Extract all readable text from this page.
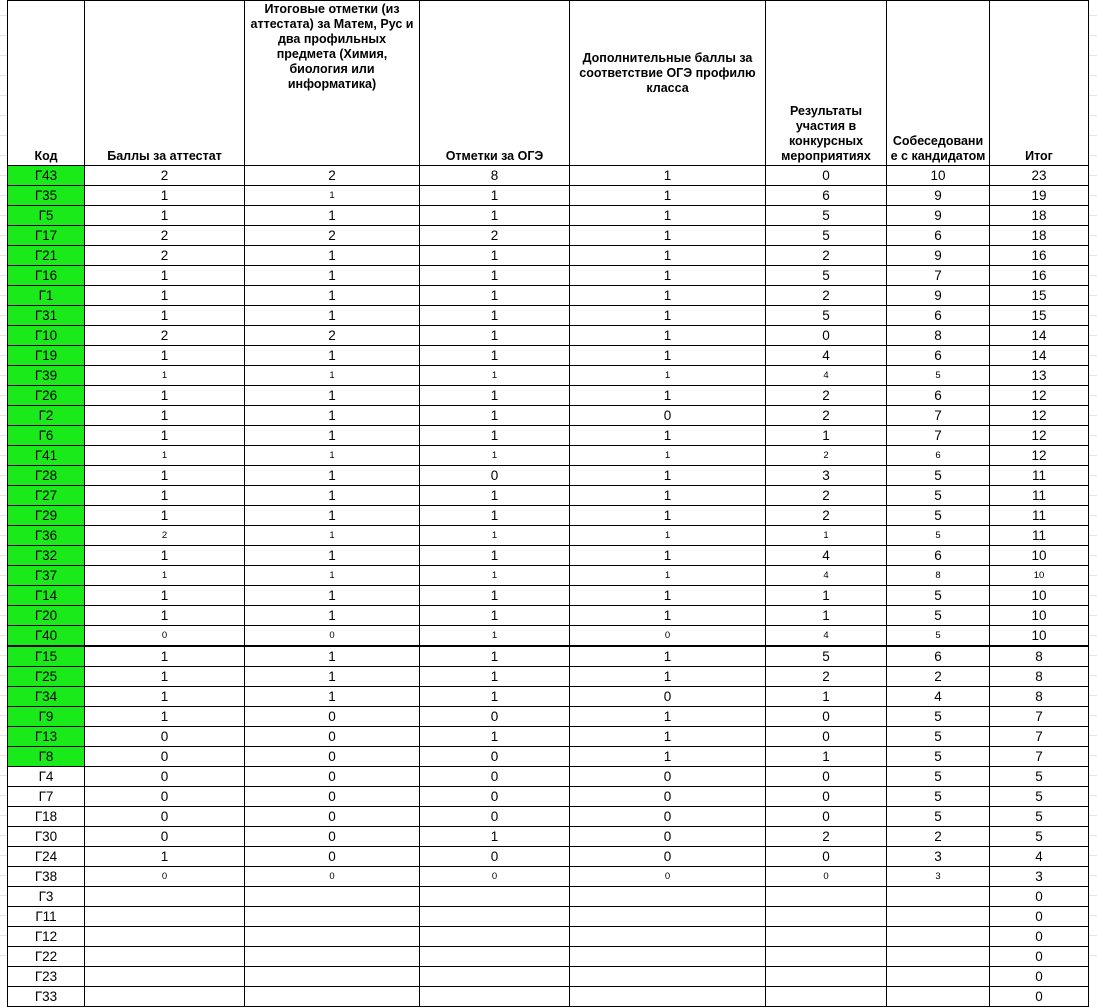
Код	Баллы за аттестат	Итоговые отметки (из аттестата) за Матем, Рус и два профильных предмета (Химия, биология или информатика)	Отметки за ОГЭ	Дополнительные баллы за соответствие ОГЭ профилю класса	Результаты участия в конкурсных мероприятиях	Собеседовани е с кандидатом	Итог
Г43	2	2	8	1	0	10	23
Г35	1	1	1	1	6	9	19
Г5	1	1	1	1	5	9	18
Г17	2	2	2	1	5	6	18
Г21	2	1	1	1	2	9	16
Г16	1	1	1	1	5	7	16
Г1	1	1	1	1	2	9	15
Г31	1	1	1	1	5	6	15
Г10	2	2	1	1	0	8	14
Г19	1	1	1	1	4	6	14
Г39	1	1	1	1	4	5	13
Г26	1	1	1	1	2	6	12
Г2	1	1	1	0	2	7	12
Г6	1	1	1	1	1	7	12
Г41	1	1	1	1	2	6	12
Г28	1	1	0	1	3	5	11
Г27	1	1	1	1	2	5	11
Г29	1	1	1	1	2	5	11
Г36	2	1	1	1	1	5	11
Г32	1	1	1	1	4	6	10
Г37	1	1	1	1	4	8	10
Г14	1	1	1	1	1	5	10
Г20	1	1	1	1	1	5	10
Г40	0	0	1	0	4	5	10
Г15	1	1	1	1	5	6	8
Г25	1	1	1	1	2	2	8
Г34	1	1	1	0	1	4	8
Г9	1	0	0	1	0	5	7
Г13	0	0	1	1	0	5	7
Г8	0	0	0	1	1	5	7
Г4	0	0	0	0	0	5	5
Г7	0	0	0	0	0	5	5
Г18	0	0	0	0	0	5	5
Г30	0	0	1	0	2	2	5
Г24	1	0	0	0	0	3	4
Г38	0	0	0	0	0	3	3
Г3							0
Г11							0
Г12							0
Г22							0
Г23							0
Г33							0
